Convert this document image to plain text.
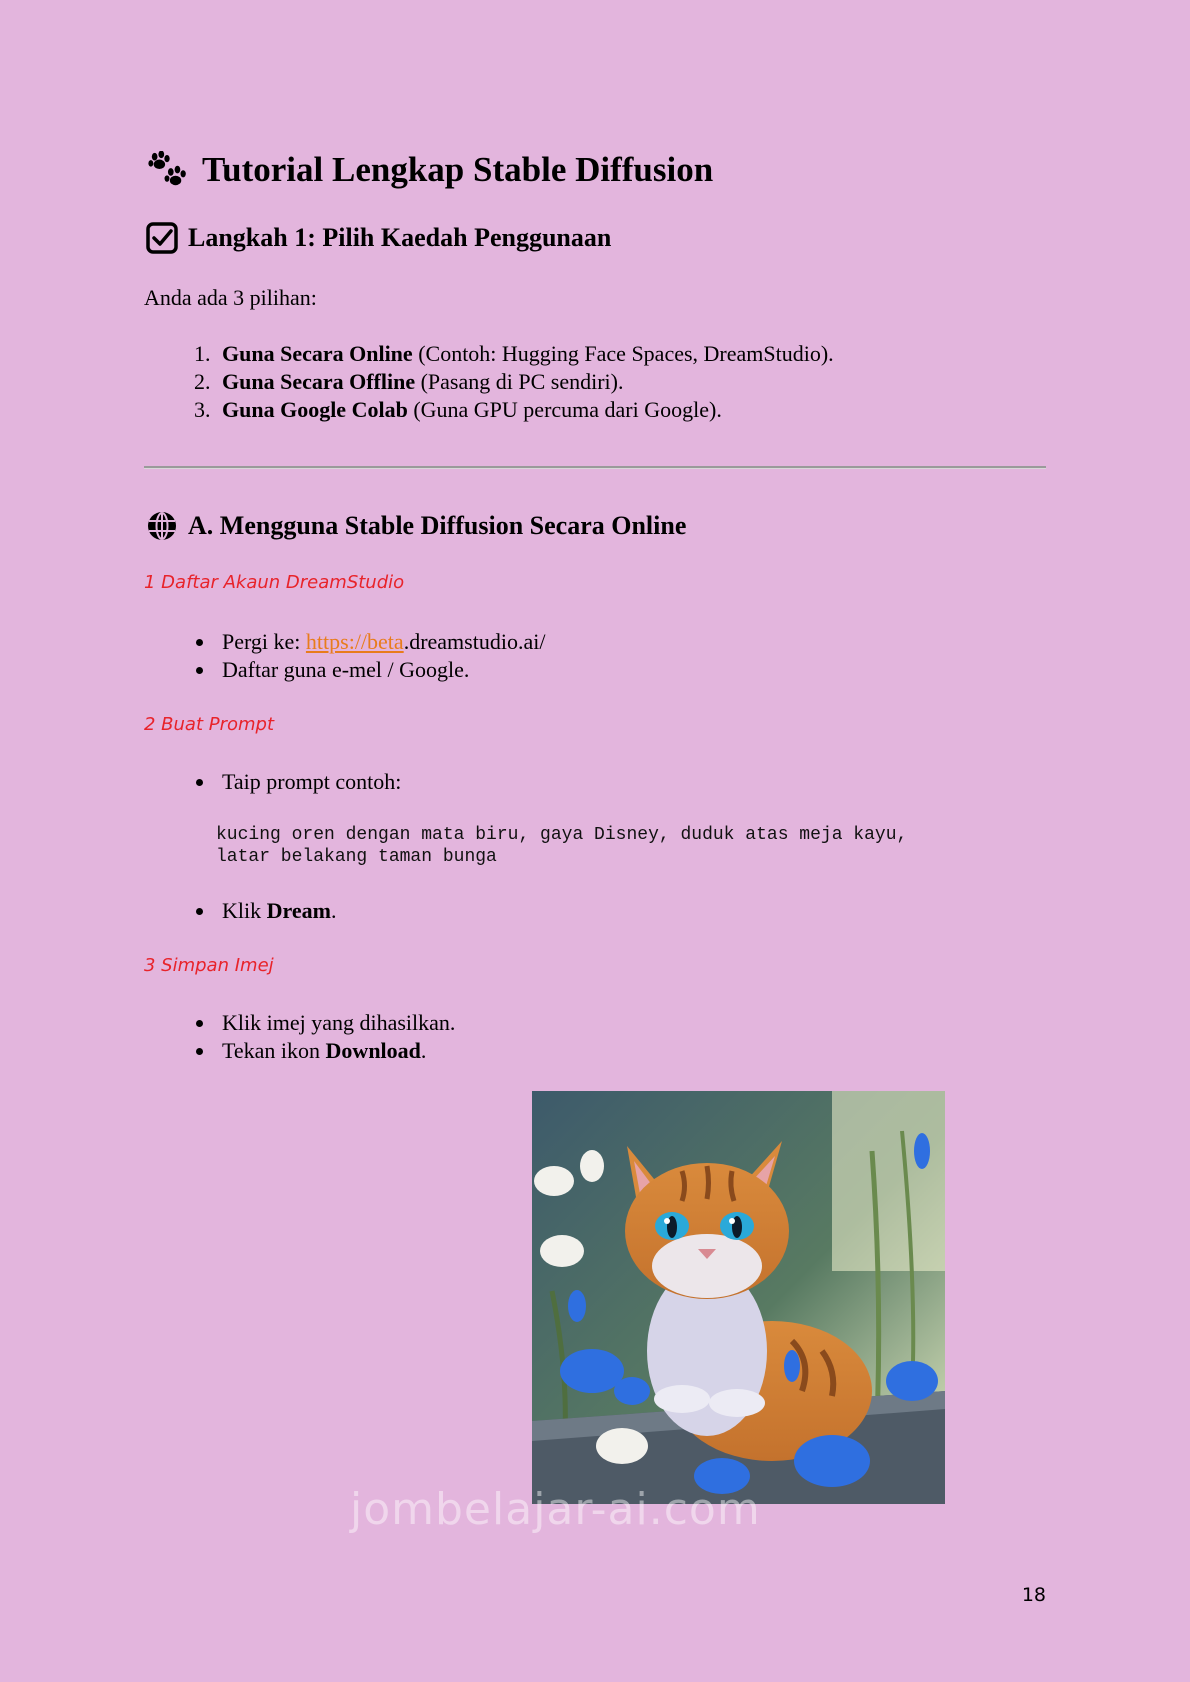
Tutorial Lengkap Stable Diffusion
Langkah 1: Pilih Kaedah Penggunaan
Anda ada 3 pilihan:
1. Guna Secara Online (Contoh: Hugging Face Spaces, DreamStudio).
2. Guna Secara Offline (Pasang di PC sendiri).
3. Guna Google Colab (Guna GPU percuma dari Google).
A. Mengguna Stable Diffusion Secara Online
1 Daftar Akaun DreamStudio
• Pergi ke: https://beta.dreamstudio.ai/
• Daftar guna e-mel / Google.
2 Buat Prompt
• Taip prompt contoh:
kucing oren dengan mata biru, gaya Disney, duduk atas meja kayu,
latar belakang taman bunga
• Klik Dream.
3 Simpan Imej
• Klik imej yang dihasilkan.
• Tekan ikon Download.
jombelajar-ai.com
18
